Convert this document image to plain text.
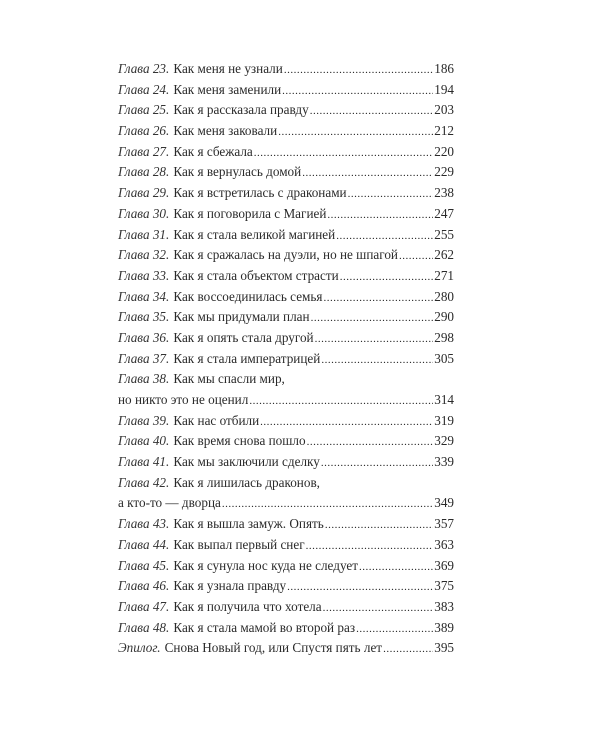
Глава 23. Как меня не узнали .....	186
Глава 24. Как меня заменили .....	194
Глава 25. Как я рассказала правду .....	203
Глава 26. Как меня заковали .....	212
Глава 27. Как я сбежала .....	220
Глава 28. Как я вернулась домой .....	229
Глава 29. Как я встретилась с драконами .....	238
Глава 30. Как я поговорила с Магией .....	247
Глава 31. Как я стала великой магиней .....	255
Глава 32. Как я сражалась на дуэли, но не шпагой .....	262
Глава 33. Как я стала объектом страсти .....	271
Глава 34. Как воссоединилась семья .....	280
Глава 35. Как мы придумали план .....	290
Глава 36. Как я опять стала другой .....	298
Глава 37. Как я стала императрицей .....	305
Глава 38. Как мы спасли мир,
но никто это не оценил .....	314
Глава 39. Как нас отбили .....	319
Глава 40. Как время снова пошло .....	329
Глава 41. Как мы заключили сделку .....	339
Глава 42. Как я лишилась драконов,
а кто-то — дворца .....	349
Глава 43. Как я вышла замуж. Опять .....	357
Глава 44. Как выпал первый снег .....	363
Глава 45. Как я сунула нос куда не следует .....	369
Глава 46. Как я узнала правду .....	375
Глава 47. Как я получила что хотела .....	383
Глава 48. Как я стала мамой во второй раз .....	389
Эпилог. Снова Новый год, или Спустя пять лет .....	395
